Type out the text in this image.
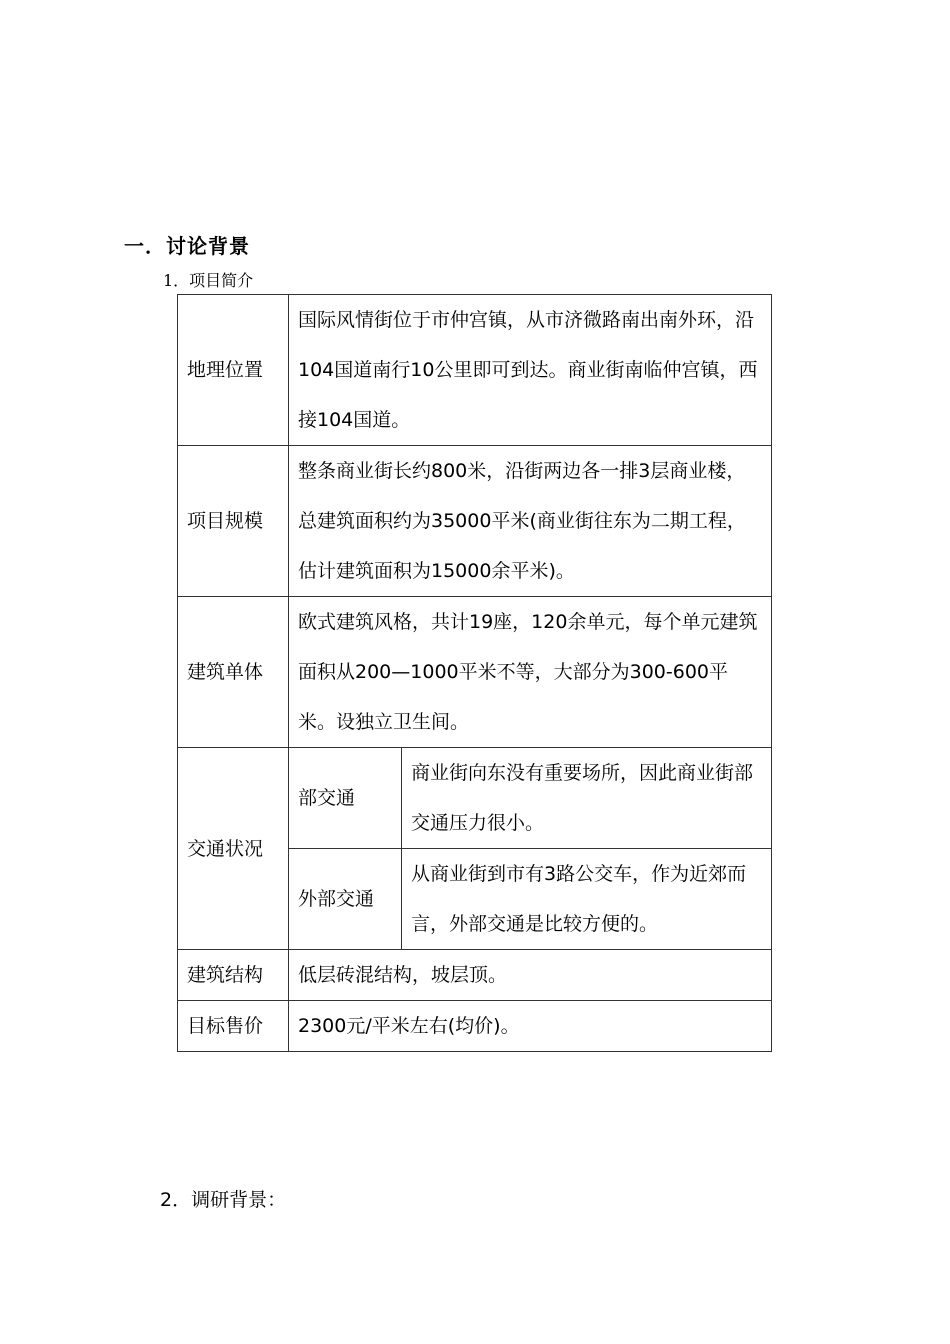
一．讨论背景
1．项目简介
地理位置	国际风情街位于市仲宫镇，从市济微路南出南外环，沿104国道南行10公里即可到达。商业街南临仲宫镇，西接104国道。	
项目规模	整条商业街长约800米，沿街两边各一排3层商业楼，总建筑面积约为35000平米(商业街往东为二期工程，估计建筑面积为15000余平米)。	
建筑单体	欧式建筑风格，共计19座，120余单元，每个单元建筑面积从200—1000平米不等，大部分为300-600平米。设独立卫生间。	
交通状况	部交通	商业街向东没有重要场所，因此商业街部交通压力很小。
	外部交通	从商业街到市有3路公交车，作为近郊而言，外部交通是比较方便的。
建筑结构	低层砖混结构，坡层顶。	
目标售价	2300元/平米左右(均价)。	
2．调研背景：
